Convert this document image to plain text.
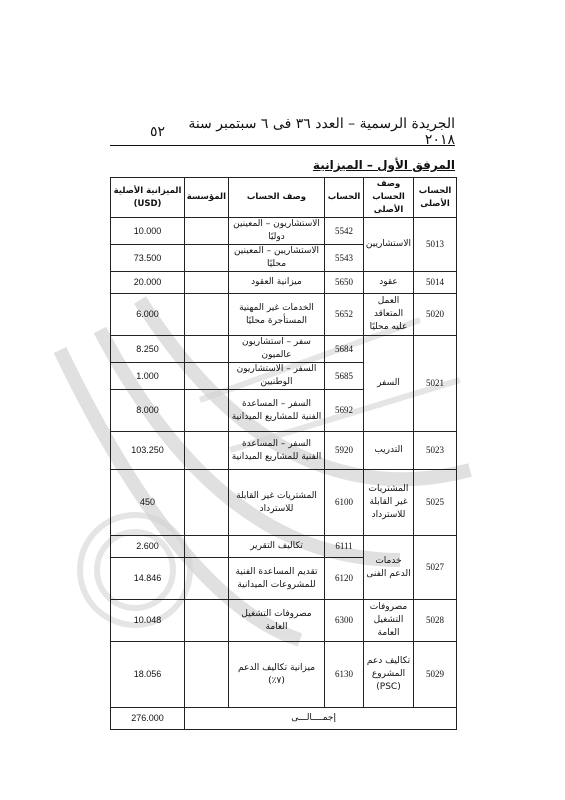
الجريدة الرسمية – العدد ٣٦ فى ٦ سبتمبر سنة ٢٠١٨
٥٢
المرفق الأول – الميزانية
الحساب الأصلى	وصف الحساب الأصلى	الحساب	وصف الحساب	المؤسسة	الميزانية الأصلية (USD)
5013	الاستشاريين	5542	الاستشاريون – المعينين دوليًا		10.000
		5543	الاستشاريين – المعينين محليًا		73.500
5014	عقود	5650	ميزانية العقود		20.000
5020	العمل المتعاقد عليه محليًا	5652	الخدمات غير المهنية المستأجرة محليًا		6.000
5021	السفر	5684	سفر – استشاريون عالميون		8.250
		5685	السفر – الاستشاريون الوطنيين		1.000
		5692	السفر – المساعدة الفنية للمشاريع الميدانية		8.000
5023	التدريب	5920	السفر – المساعدة الفنية للمشاريع الميدانية		103.250
5025	المشتريات غير القابلة للاسترداد	6100	المشتريات غير القابلة للاسترداد		450
5027	خدمات الدعم الفنى	6111	تكاليف التقرير		2.600
		6120	تقديم المساعدة الفنية للمشروعات الميدانية		14.846
5028	مصروفات التشغيل العامة	6300	مصروفات التشغيل العامة		10.048
5029	تكاليف دعم المشروع (PSC)	6130	ميزانية تكاليف الدعم (٧٪)		18.056
إجمــــالـــى					276.000
